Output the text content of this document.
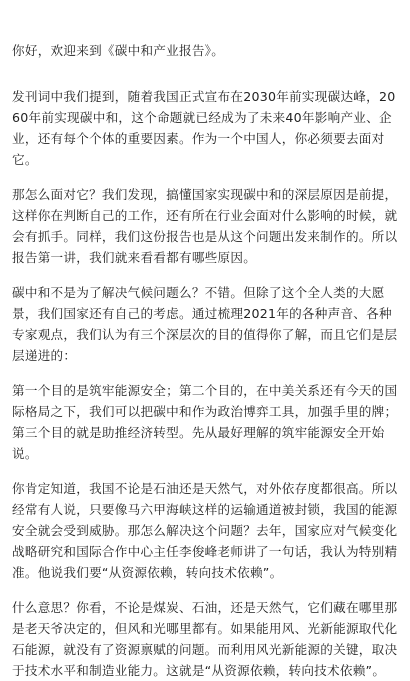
你好，欢迎来到《碳中和产业报告》。

发刊词中我们提到，随着我国正式宣布在2030年前实现碳达峰，2060年前实现碳中和，这个命题就已经成为了未来40年影响产业、企业，还有每个个体的重要因素。作为一个中国人，你必须要去面对它。

那怎么面对它？我们发现，搞懂国家实现碳中和的深层原因是前提，这样你在判断自己的工作，还有所在行业会面对什么影响的时候，就会有抓手。同样，我们这份报告也是从这个问题出发来制作的。所以报告第一讲，我们就来看看都有哪些原因。

碳中和不是为了解决气候问题么？不错。但除了这个全人类的大愿景，我们国家还有自己的考虑。通过梳理2021年的各种声音、各种专家观点，我们认为有三个深层次的目的值得你了解，而且它们是层层递进的：

第一个目的是筑牢能源安全；第二个目的，在中美关系还有今天的国际格局之下，我们可以把碳中和作为政治博弈工具，加强手里的牌；第三个目的就是助推经济转型。先从最好理解的筑牢能源安全开始说。

你肯定知道，我国不论是石油还是天然气，对外依存度都很高。所以经常有人说，只要像马六甲海峡这样的运输通道被封锁，我国的能源安全就会受到威胁。那怎么解决这个问题？去年，国家应对气候变化战略研究和国际合作中心主任李俊峰老师讲了一句话，我认为特别精准。他说我们要“从资源依赖，转向技术依赖”。

什么意思？你看，不论是煤炭、石油，还是天然气，它们藏在哪里那是老天爷决定的，但风和光哪里都有。如果能用风、光新能源取代化石能源，就没有了资源禀赋的问题。而利用风光新能源的关键，取决于技术水平和制造业能力。这就是“从资源依赖，转向技术依赖”。
